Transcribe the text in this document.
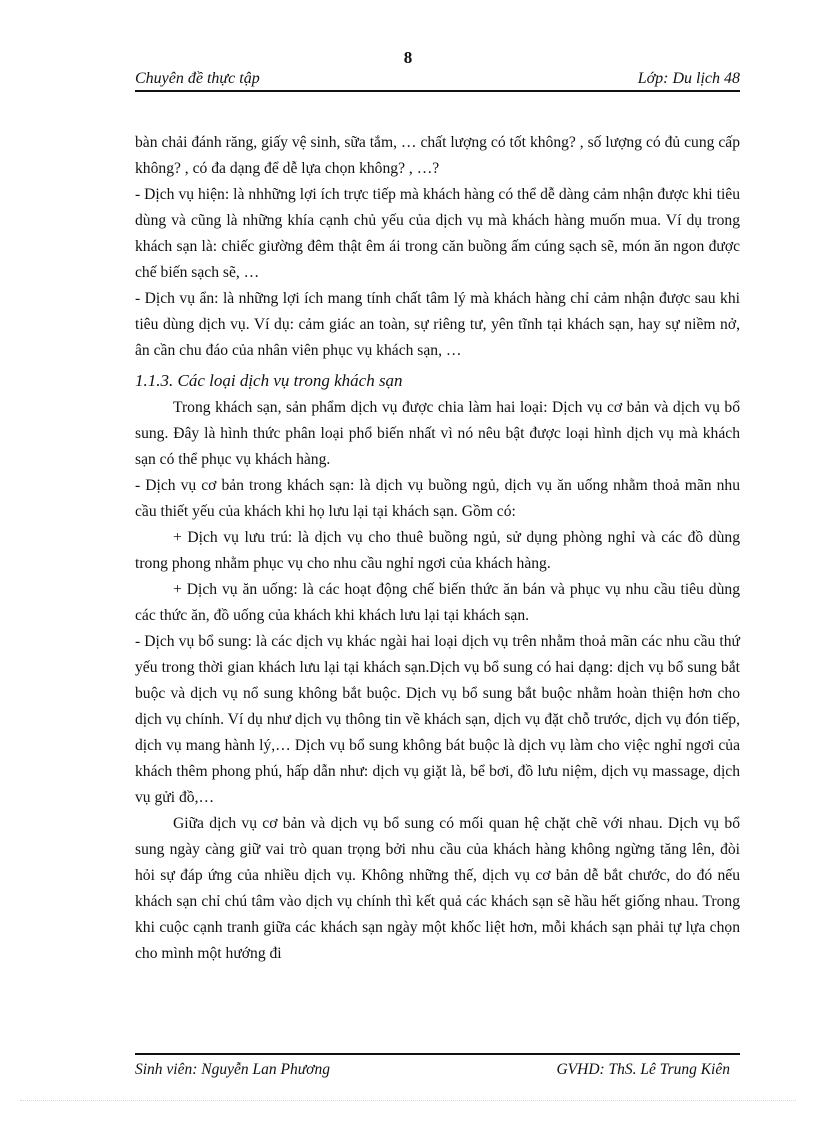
8
Chuyên đề thực tập	Lớp: Du lịch 48

bàn chải đánh răng, giấy vệ sinh, sữa tắm, … chất lượng có tốt không? , số lượng có đủ cung cấp không? , có đa dạng để dễ lựa chọn không? , …?

- Dịch vụ hiện: là nhhững lợi ích trực tiếp mà khách hàng có thể dễ dàng cảm nhận được khi tiêu dùng và cũng là những khía cạnh chủ yếu của dịch vụ mà khách hàng muốn mua. Ví dụ trong khách sạn là: chiếc giường đêm thật êm ái trong căn buồng ấm cúng sạch sẽ, món ăn ngon được chế biến sạch sẽ, …

- Dịch vụ ẩn: là những lợi ích mang tính chất tâm lý mà khách hàng chỉ cảm nhận được sau khi tiêu dùng dịch vụ. Ví dụ: cảm giác an toàn, sự riêng tư, yên tĩnh tại khách sạn, hay sự niềm nở, ân cần chu đáo của nhân viên phục vụ khách sạn, …

1.1.3. Các loại dịch vụ trong khách sạn

Trong khách sạn, sản phẩm dịch vụ được chia làm hai loại: Dịch vụ cơ bản và dịch vụ bổ sung. Đây là hình thức phân loại phổ biến nhất vì nó nêu bật được loại hình dịch vụ mà khách sạn có thể phục vụ khách hàng.

- Dịch vụ cơ bản trong khách sạn: là dịch vụ buồng ngủ, dịch vụ ăn uống nhằm thoả mãn nhu cầu thiết yếu của khách khi họ lưu lại tại khách sạn. Gồm có:

+ Dịch vụ lưu trú: là dịch vụ cho thuê buồng ngủ, sử dụng phòng nghỉ và các đồ dùng trong phong nhằm phục vụ cho nhu cầu nghỉ ngơi của khách hàng.

+ Dịch vụ ăn uống: là các hoạt động chế biến thức ăn bán và phục vụ nhu cầu tiêu dùng các thức ăn, đồ uống của khách khi khách lưu lại tại khách sạn.

- Dịch vụ bổ sung: là các dịch vụ khác ngài hai loại dịch vụ trên nhằm thoả mãn các nhu cầu thứ yếu trong thời gian khách lưu lại tại khách sạn.Dịch vụ bổ sung có hai dạng: dịch vụ bổ sung bắt buộc và dịch vụ nổ sung không bắt buộc. Dịch vụ bổ sung bắt buộc nhằm hoàn thiện hơn cho dịch vụ chính. Ví dụ như dịch vụ thông tin về khách sạn, dịch vụ đặt chỗ trước, dịch vụ đón tiếp, dịch vụ mang hành lý,… Dịch vụ bổ sung không bát buộc là dịch vụ làm cho việc nghỉ ngơi của khách thêm phong phú, hấp dẫn như: dịch vụ giặt là, bể bơi, đồ lưu niệm, dịch vụ massage, dịch vụ gửi đồ,…

Giữa dịch vụ cơ bản và dịch vụ bổ sung có mối quan hệ chặt chẽ với nhau. Dịch vụ bổ sung ngày càng giữ vai trò quan trọng bởi nhu cầu của khách hàng không ngừng tăng lên, đòi hỏi sự đáp ứng của nhiều dịch vụ. Không những thế, dịch vụ cơ bản dễ bắt chước, do đó nếu khách sạn chỉ chú tâm vào dịch vụ chính thì kết quả các khách sạn sẽ hầu hết giống nhau. Trong khi cuộc cạnh tranh giữa các khách sạn ngày một khốc liệt hơn, mỗi khách sạn phải tự lựa chọn cho mình một hướng đi

Sinh viên: Nguyễn Lan Phương	GVHD: ThS. Lê Trung Kiên
